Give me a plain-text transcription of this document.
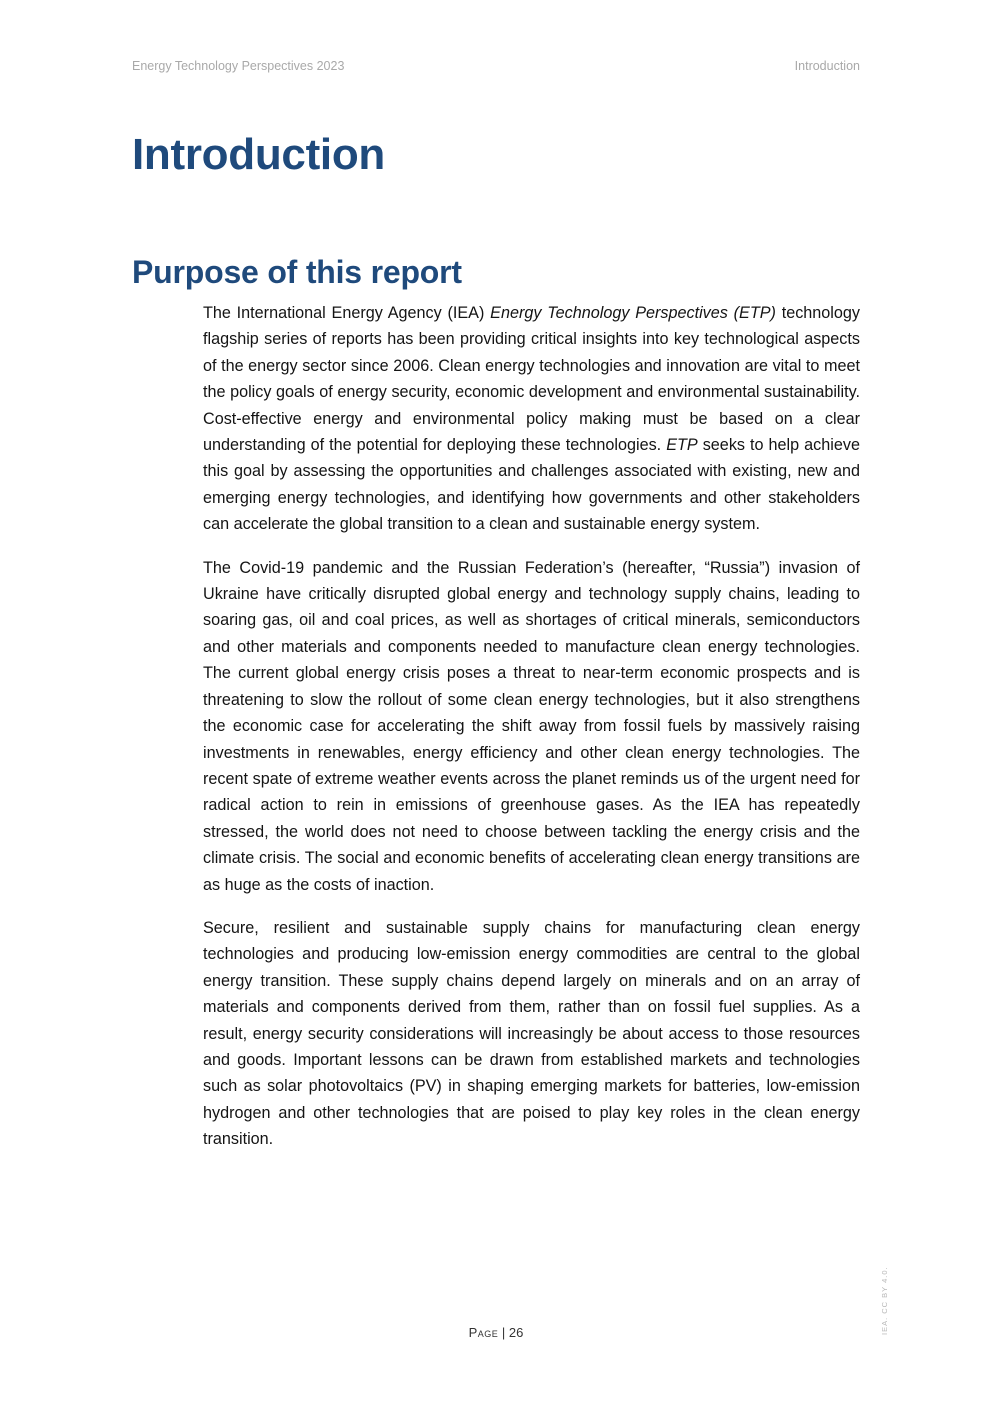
Energy Technology Perspectives 2023	Introduction
Introduction
Purpose of this report

The International Energy Agency (IEA) Energy Technology Perspectives (ETP) technology flagship series of reports has been providing critical insights into key technological aspects of the energy sector since 2006. Clean energy technologies and innovation are vital to meet the policy goals of energy security, economic development and environmental sustainability. Cost-effective energy and environmental policy making must be based on a clear understanding of the potential for deploying these technologies. ETP seeks to help achieve this goal by assessing the opportunities and challenges associated with existing, new and emerging energy technologies, and identifying how governments and other stakeholders can accelerate the global transition to a clean and sustainable energy system.

The Covid-19 pandemic and the Russian Federation’s (hereafter, “Russia”) invasion of Ukraine have critically disrupted global energy and technology supply chains, leading to soaring gas, oil and coal prices, as well as shortages of critical minerals, semiconductors and other materials and components needed to manufacture clean energy technologies. The current global energy crisis poses a threat to near-term economic prospects and is threatening to slow the rollout of some clean energy technologies, but it also strengthens the economic case for accelerating the shift away from fossil fuels by massively raising investments in renewables, energy efficiency and other clean energy technologies. The recent spate of extreme weather events across the planet reminds us of the urgent need for radical action to rein in emissions of greenhouse gases. As the IEA has repeatedly stressed, the world does not need to choose between tackling the energy crisis and the climate crisis. The social and economic benefits of accelerating clean energy transitions are as huge as the costs of inaction.

Secure, resilient and sustainable supply chains for manufacturing clean energy technologies and producing low-emission energy commodities are central to the global energy transition. These supply chains depend largely on minerals and on an array of materials and components derived from them, rather than on fossil fuel supplies. As a result, energy security considerations will increasingly be about access to those resources and goods. Important lessons can be drawn from established markets and technologies such as solar photovoltaics (PV) in shaping emerging markets for batteries, low-emission hydrogen and other technologies that are poised to play key roles in the clean energy transition.

Page | 26	IEA. CC BY 4.0.
